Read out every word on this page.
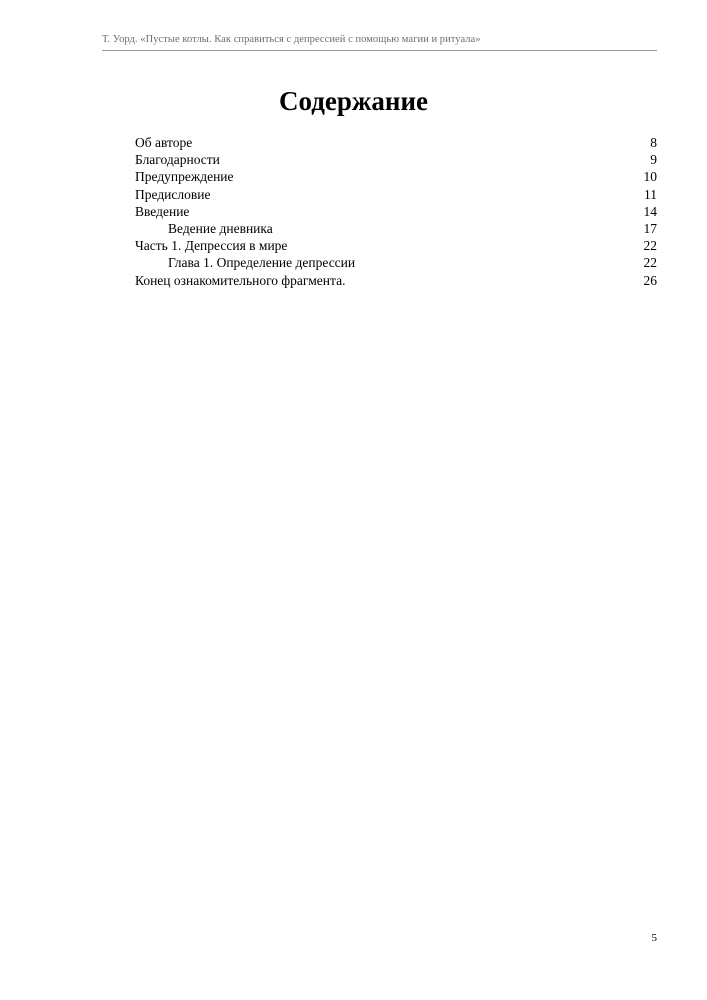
Т. Уорд. «Пустые котлы. Как справиться с депрессией с помощью магии и ритуала»
Содержание
Об авторе	8
Благодарности	9
Предупреждение	10
Предисловие	11
Введение	14
Ведение дневника	17
Часть 1. Депрессия в мире	22
Глава 1. Определение депрессии	22
Конец ознакомительного фрагмента.	26
5
